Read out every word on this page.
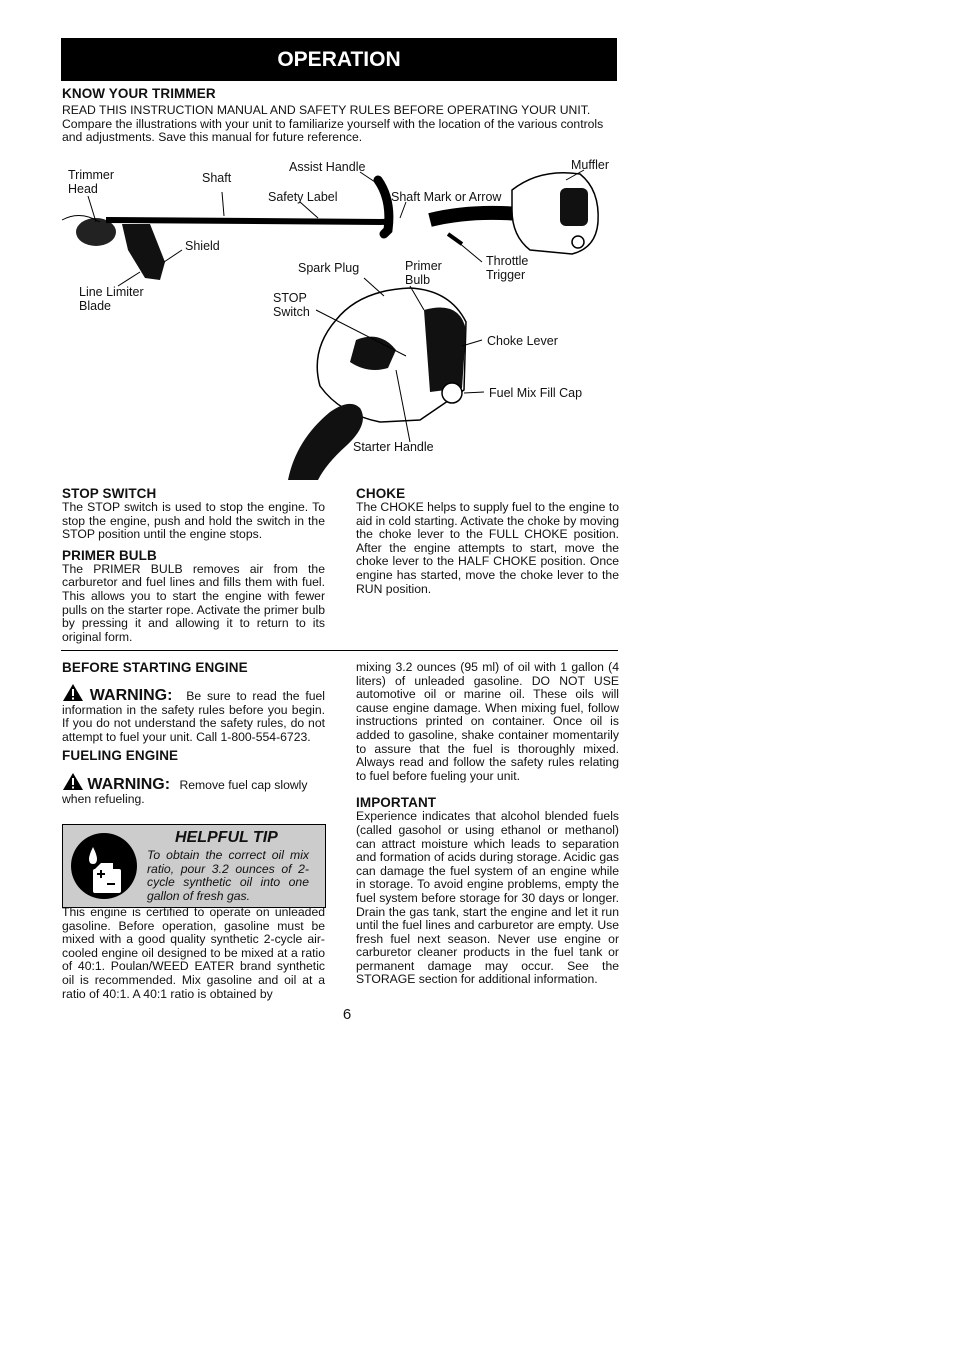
OPERATION
KNOW YOUR TRIMMER

READ THIS INSTRUCTION MANUAL AND SAFETY RULES BEFORE OPERATING YOUR UNIT.

Compare the illustrations with your unit to familiarize yourself with the location of the various controls and adjustments. Save this manual for future reference.

Trimmer
Head
Shaft
Assist Handle	Muffler
Safety Label	Shaft Mark or Arrow
Shield
Throttle
Trigger
Line Limiter
Blade
Spark Plug	Primer
Bulb
STOP
Switch
Choke Lever
Fuel Mix Fill Cap
Starter Handle
STOP SWITCH

The STOP switch is used to stop the engine. To stop the engine, push and hold the switch in the STOP position until the engine stops.

PRIMER BULB

The PRIMER BULB removes air from the carburetor and fuel lines and fills them with fuel. This allows you to start the engine with fewer pulls on the starter rope. Activate the primer bulb by pressing it and allowing it to return to its original form.

CHOKE

The CHOKE helps to supply fuel to the engine to aid in cold starting. Activate the choke by moving the choke lever to the FULL CHOKE position. After the engine attempts to start, move the choke lever to the HALF CHOKE position. Once engine has started, move the choke lever to the RUN position.

BEFORE STARTING ENGINE
WARNING: Be sure to read the fuel information in the safety rules before you begin. If you do not understand the safety rules, do not attempt to fuel your unit. Call 1-800-554-6723.
FUELING ENGINE
WARNING: Remove fuel cap slowly when refueling.
HELPFUL TIP
To obtain the correct oil mix ratio, pour 3.2 ounces of 2-cycle synthetic oil into one gallon of fresh gas.

This engine is certified to operate on unleaded gasoline. Before operation, gasoline must be mixed with a good quality synthetic 2-cycle air-cooled engine oil designed to be mixed at a ratio of 40:1. Poulan/WEED EATER brand synthetic oil is recommended. Mix gasoline and oil at a ratio of 40:1. A 40:1 ratio is obtained by

mixing 3.2 ounces (95 ml) of oil with 1 gallon (4 liters) of unleaded gasoline. DO NOT USE automotive oil or marine oil. These oils will cause engine damage. When mixing fuel, follow instructions printed on container. Once oil is added to gasoline, shake container momentarily to assure that the fuel is thoroughly mixed. Always read and follow the safety rules relating to fuel before fueling your unit.

IMPORTANT

Experience indicates that alcohol blended fuels (called gasohol or using ethanol or methanol) can attract moisture which leads to separation and formation of acids during storage. Acidic gas can damage the fuel system of an engine while in storage. To avoid engine problems, empty the fuel system before storage for 30 days or longer. Drain the gas tank, start the engine and let it run until the fuel lines and carburetor are empty. Use fresh fuel next season. Never use engine or carburetor cleaner products in the fuel tank or permanent damage may occur. See the STORAGE section for additional information.

6
